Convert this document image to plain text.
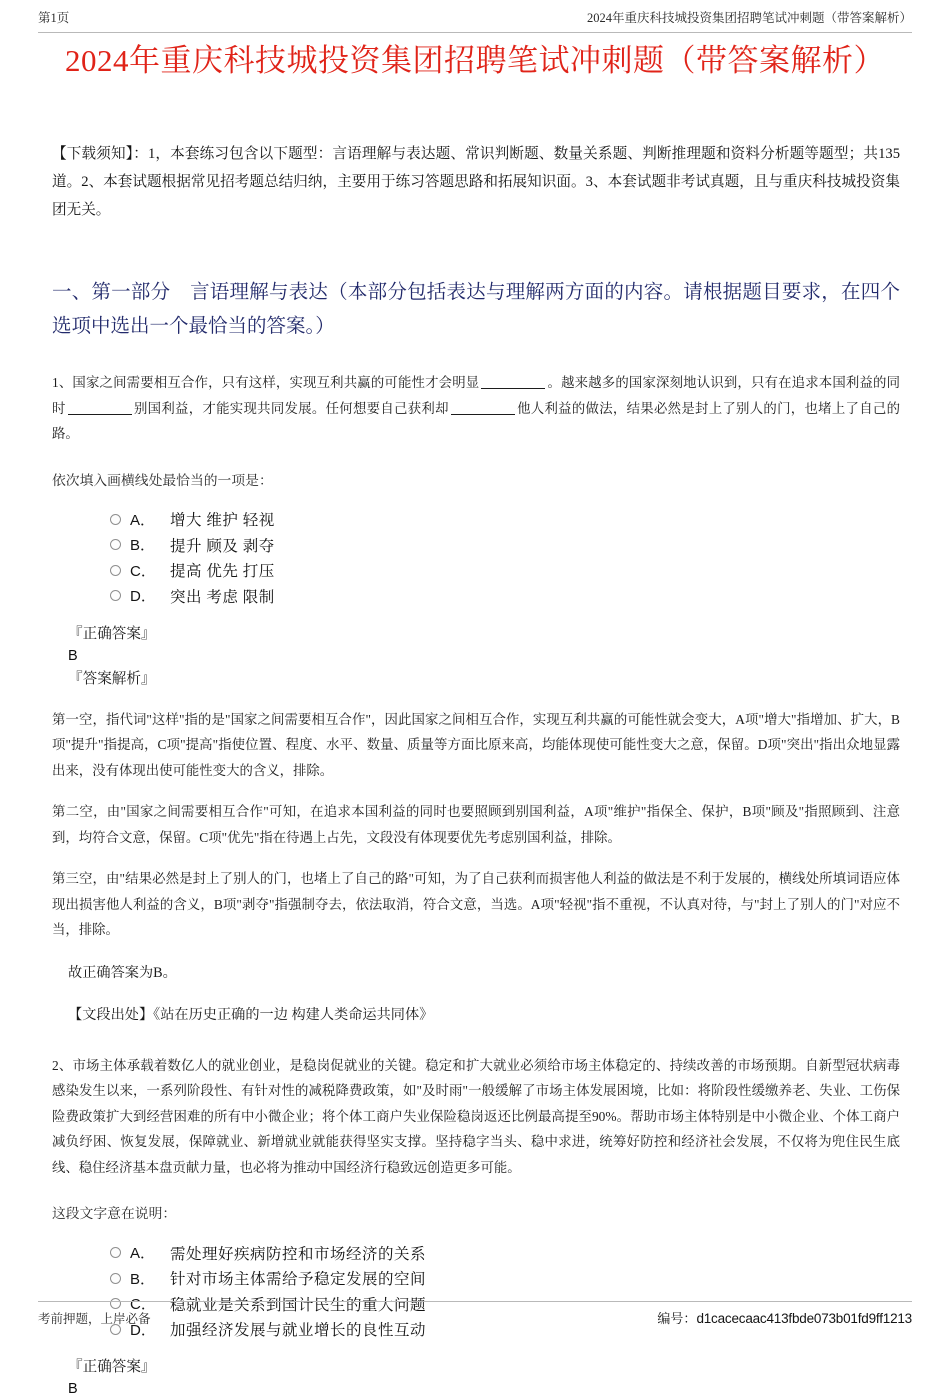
第1页	2024年重庆科技城投资集团招聘笔试冲刺题（带答案解析）
2024年重庆科技城投资集团招聘笔试冲刺题（带答案解析）
【下载须知】：1，本套练习包含以下题型：言语理解与表达题、常识判断题、数量关系题、判断推理题和资料分析题等题型；共135道。2、本套试题根据常见招考题总结归纳，主要用于练习答题思路和拓展知识面。3、本套试题非考试真题，且与重庆科技城投资集团无关。
一、第一部分　言语理解与表达（本部分包括表达与理解两方面的内容。请根据题目要求，在四个选项中选出一个最恰当的答案。）
1、国家之间需要相互合作，只有这样，实现互利共赢的可能性才会明显	。越来越多的国家深刻地认识到，只有在追求本国利益的同时	别国利益，才能实现共同发展。任何想要自己获利却	他人利益的做法，结果必然是封上了别人的门，也堵上了自己的路。
依次填入画横线处最恰当的一项是：
A． 增大 维护 轻视
B． 提升 顾及 剥夺
C． 提高 优先 打压
D． 突出 考虑 限制
『正确答案』
B
『答案解析』
第一空，指代词"这样"指的是"国家之间需要相互合作"，因此国家之间相互合作，实现互利共赢的可能性就会变大，A项"增大"指增加、扩大，B项"提升"指提高，C项"提高"指使位置、程度、水平、数量、质量等方面比原来高，均能体现使可能性变大之意，保留。D项"突出"指出众地显露出来，没有体现出使可能性变大的含义，排除。
第二空，由"国家之间需要相互合作"可知，在追求本国利益的同时也要照顾到别国利益，A项"维护"指保全、保护，B项"顾及"指照顾到、注意到，均符合文意，保留。C项"优先"指在待遇上占先，文段没有体现要优先考虑别国利益，排除。
第三空，由"结果必然是封上了别人的门，也堵上了自己的路"可知，为了自己获利而损害他人利益的做法是不利于发展的，横线处所填词语应体现出损害他人利益的含义，B项"剥夺"指强制夺去，依法取消，符合文意，当选。A项"轻视"指不重视，不认真对待，与"封上了别人的门"对应不当，排除。
故正确答案为B。
【文段出处】《站在历史正确的一边 构建人类命运共同体》
2、市场主体承载着数亿人的就业创业，是稳岗促就业的关键。稳定和扩大就业必须给市场主体稳定的、持续改善的市场预期。自新型冠状病毒感染发生以来，一系列阶段性、有针对性的减税降费政策，如"及时雨"一般缓解了市场主体发展困境，比如：将阶段性缓缴养老、失业、工伤保险费政策扩大到经营困难的所有中小微企业；将个体工商户失业保险稳岗返还比例最高提至90%。帮助市场主体特别是中小微企业、个体工商户减负纾困、恢复发展，保障就业、新增就业就能获得坚实支撑。坚持稳字当头、稳中求进，统筹好防控和经济社会发展，不仅将为兜住民生底线、稳住经济基本盘贡献力量，也必将为推动中国经济行稳致远创造更多可能。
这段文字意在说明：
A． 需处理好疾病防控和市场经济的关系
B． 针对市场主体需给予稳定发展的空间
C． 稳就业是关系到国计民生的重大问题
D． 加强经济发展与就业增长的良性互动
『正确答案』
B
考前押题，上岸必备	编号：d1cacecaac413fbde073b01fd9ff1213
